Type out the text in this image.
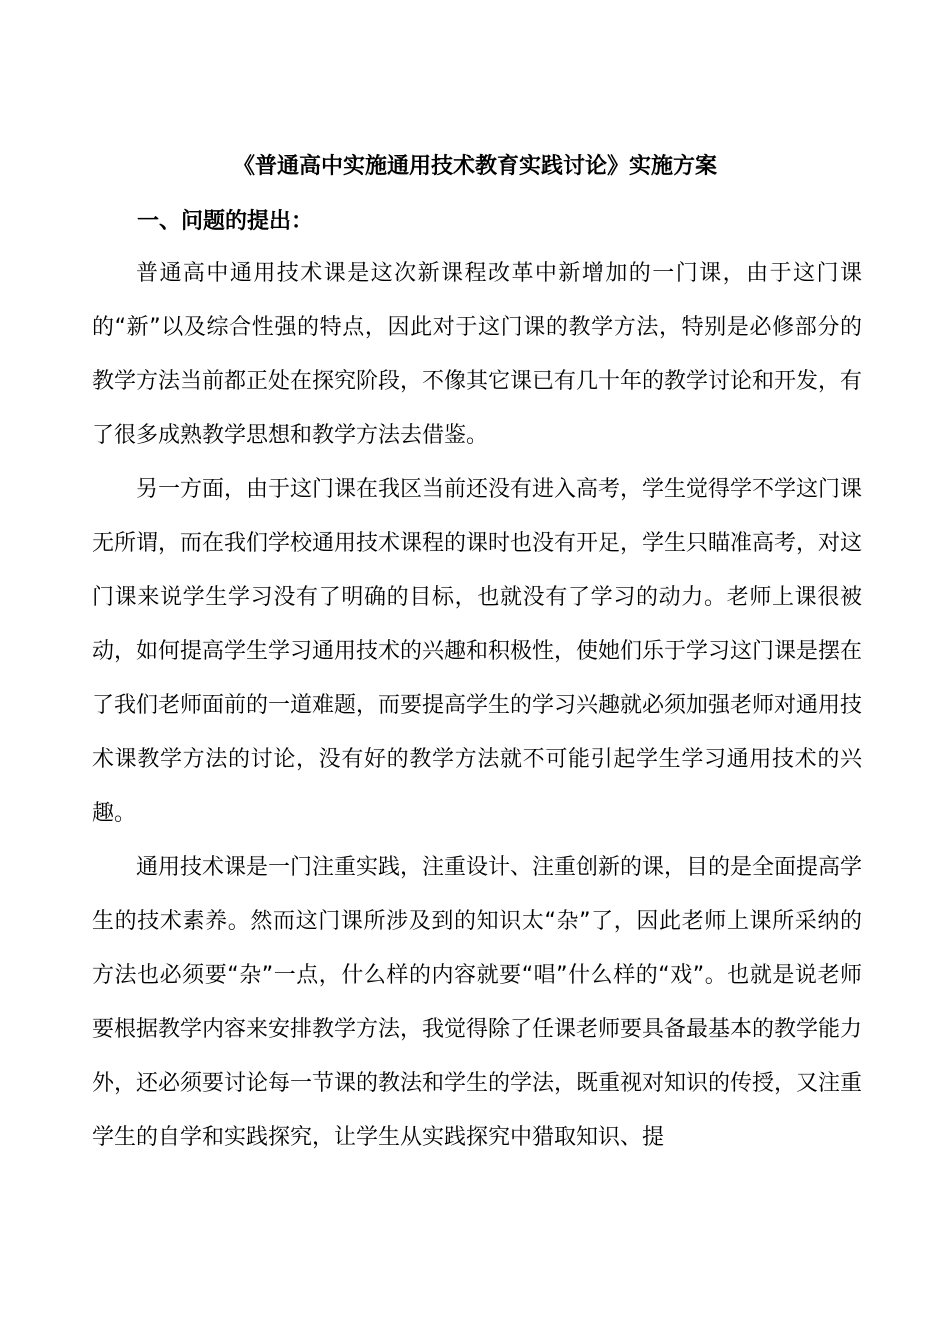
《普通高中实施通用技术教育实践讨论》实施方案
一、问题的提出：

普通高中通用技术课是这次新课程改革中新增加的一门课，由于这门课的“新”以及综合性强的特点，因此对于这门课的教学方法，特别是必修部分的教学方法当前都正处在探究阶段，不像其它课已有几十年的教学讨论和开发，有了很多成熟教学思想和教学方法去借鉴。

另一方面，由于这门课在我区当前还没有进入高考，学生觉得学不学这门课无所谓，而在我们学校通用技术课程的课时也没有开足，学生只瞄准高考，对这门课来说学生学习没有了明确的目标，也就没有了学习的动力。老师上课很被动，如何提高学生学习通用技术的兴趣和积极性，使她们乐于学习这门课是摆在了我们老师面前的一道难题，而要提高学生的学习兴趣就必须加强老师对通用技术课教学方法的讨论，没有好的教学方法就不可能引起学生学习通用技术的兴趣。

通用技术课是一门注重实践，注重设计、注重创新的课，目的是全面提高学生的技术素养。然而这门课所涉及到的知识太“杂”了，因此老师上课所采纳的方法也必须要“杂”一点，什么样的内容就要“唱”什么样的“戏”。也就是说老师要根据教学内容来安排教学方法，我觉得除了任课老师要具备最基本的教学能力外，还必须要讨论每一节课的教法和学生的学法，既重视对知识的传授，又注重学生的自学和实践探究，让学生从实践探究中猎取知识、提
